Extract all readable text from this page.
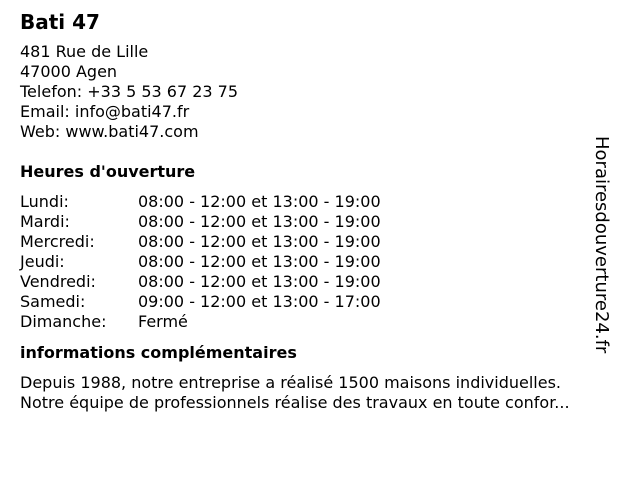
Bati 47
481 Rue de Lille
47000 Agen
Telefon: +33 5 53 67 23 75
Email: info@bati47.fr
Web: www.bati47.com
Heures d'ouverture
Lundi:	08:00 - 12:00 et 13:00 - 19:00
Mardi:	08:00 - 12:00 et 13:00 - 19:00
Mercredi:	08:00 - 12:00 et 13:00 - 19:00
Jeudi:	08:00 - 12:00 et 13:00 - 19:00
Vendredi:	08:00 - 12:00 et 13:00 - 19:00
Samedi:	09:00 - 12:00 et 13:00 - 17:00
Dimanche:	Fermé
informations complémentaires
Depuis 1988, notre entreprise a réalisé 1500 maisons individuelles.
Notre équipe de professionnels réalise des travaux en toute confor...
Horairesdouverture24.fr
